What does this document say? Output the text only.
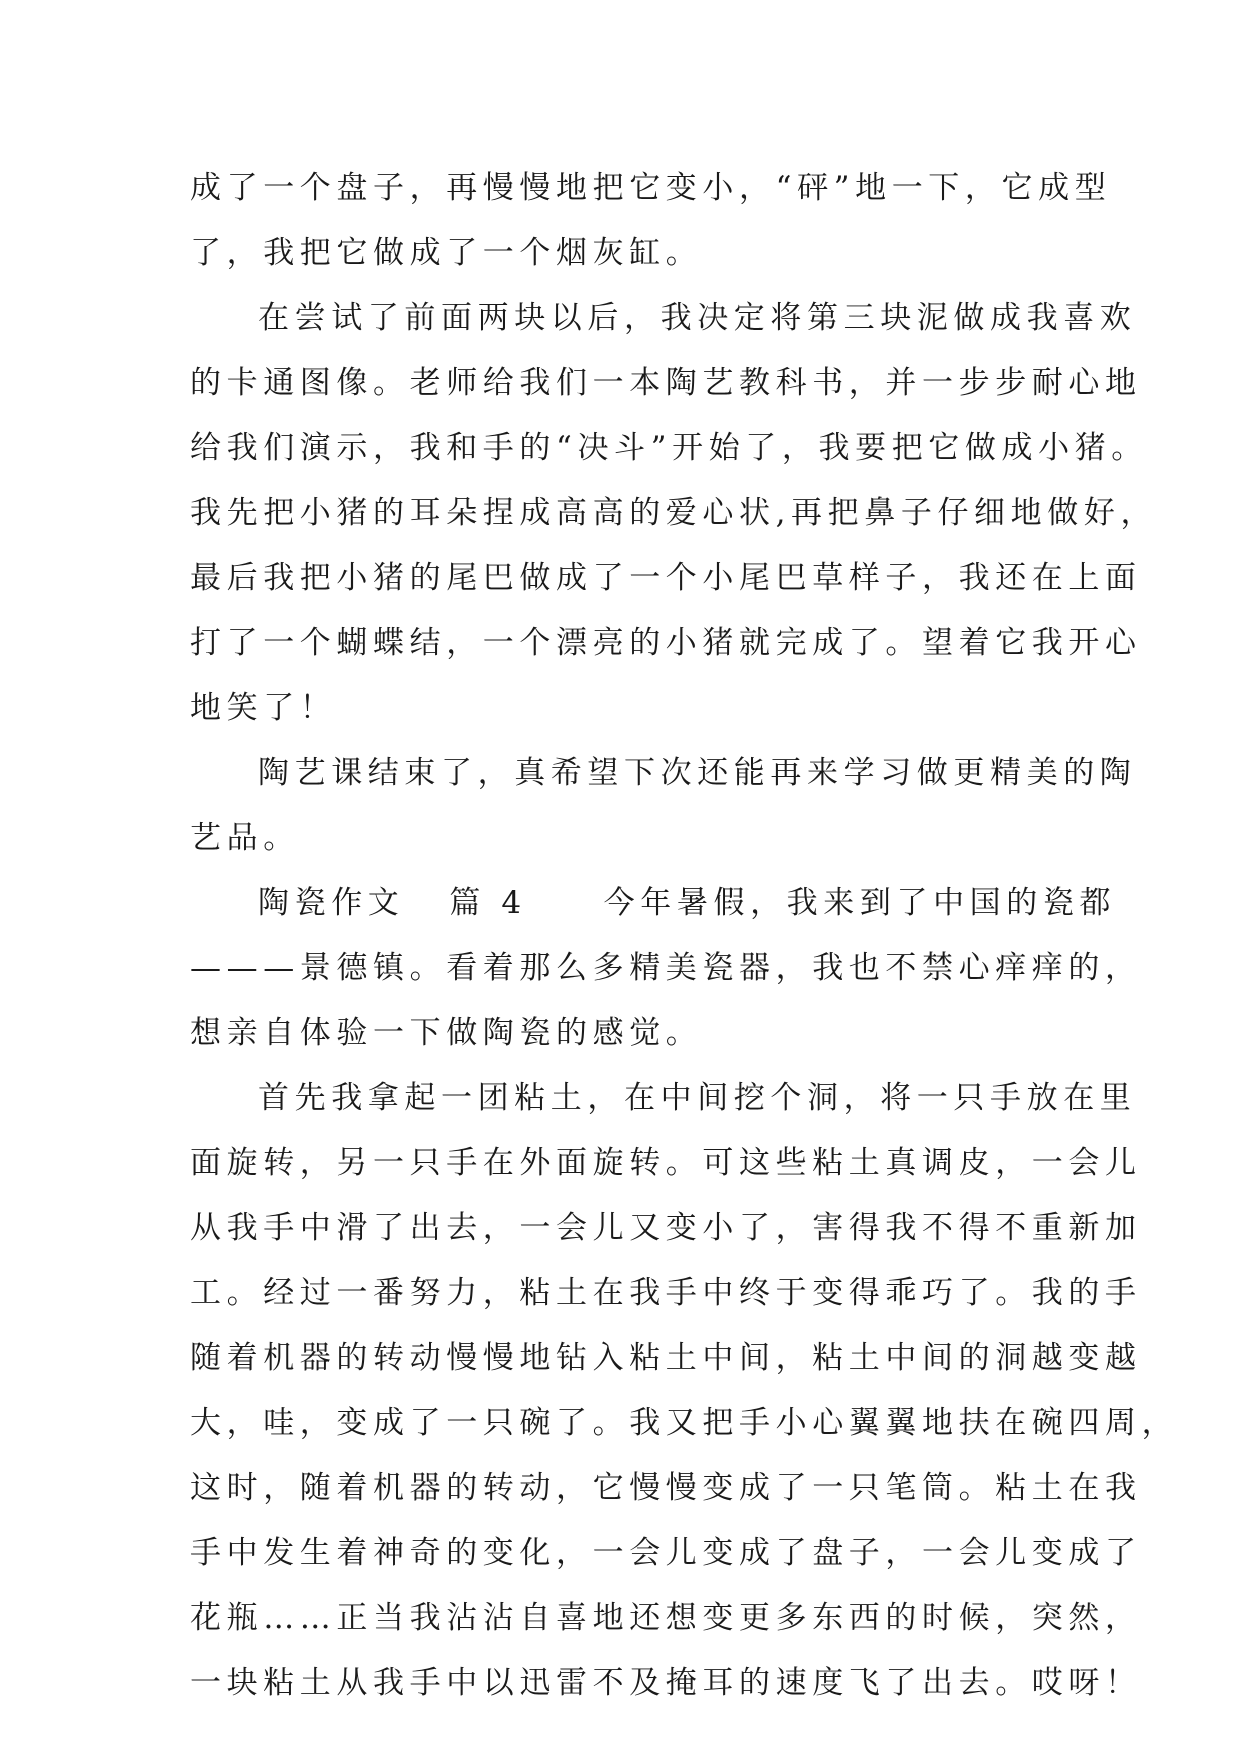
成了一个盘子，再慢慢地把它变小，“砰”地一下，它成型
了，我把它做成了一个烟灰缸。
在尝试了前面两块以后，我决定将第三块泥做成我喜欢
的卡通图像。老师给我们一本陶艺教科书，并一步步耐心地
给我们演示，我和手的“决斗”开始了，我要把它做成小猪。
我先把小猪的耳朵捏成高高的爱心状,再把鼻子仔细地做好，
最后我把小猪的尾巴做成了一个小尾巴草样子，我还在上面
打了一个蝴蝶结，一个漂亮的小猪就完成了。望着它我开心
地笑了！
陶艺课结束了，真希望下次还能再来学习做更精美的陶
艺品。
陶瓷作文 篇 4 今年暑假，我来到了中国的瓷都
———景德镇。看着那么多精美瓷器，我也不禁心痒痒的，
想亲自体验一下做陶瓷的感觉。
首先我拿起一团粘土，在中间挖个洞，将一只手放在里
面旋转，另一只手在外面旋转。可这些粘土真调皮，一会儿
从我手中滑了出去，一会儿又变小了，害得我不得不重新加
工。经过一番努力，粘土在我手中终于变得乖巧了。我的手
随着机器的转动慢慢地钻入粘土中间，粘土中间的洞越变越
大，哇，变成了一只碗了。我又把手小心翼翼地扶在碗四周，
这时，随着机器的转动，它慢慢变成了一只笔筒。粘土在我
手中发生着神奇的变化，一会儿变成了盘子，一会儿变成了
花瓶……正当我沾沾自喜地还想变更多东西的时候，突然，
一块粘土从我手中以迅雷不及掩耳的速度飞了出去。哎呀！
